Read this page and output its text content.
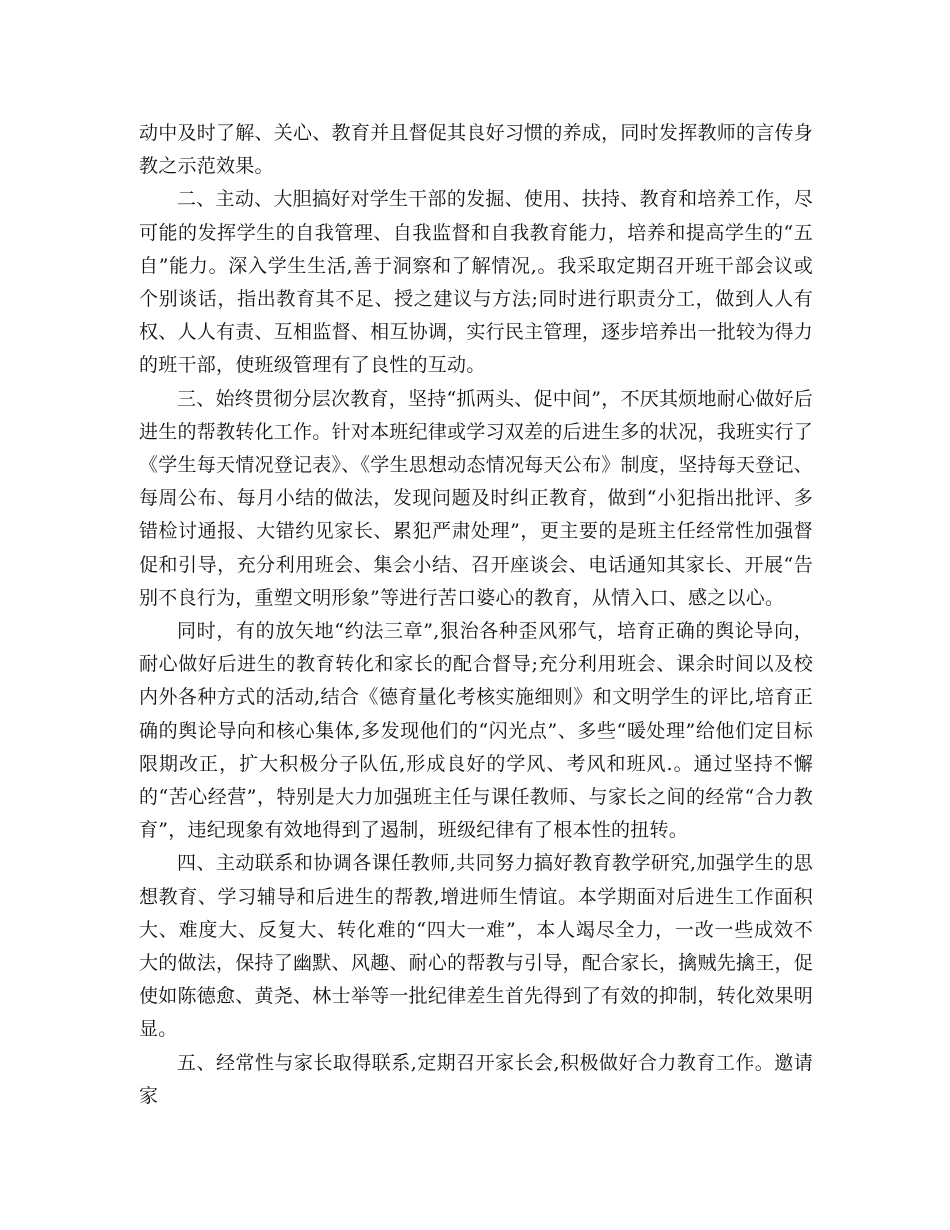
动中及时了解、关心、教育并且督促其良好习惯的养成，同时发挥教师的言传身教之示范效果。

二、主动、大胆搞好对学生干部的发掘、使用、扶持、教育和培养工作，尽可能的发挥学生的自我管理、自我监督和自我教育能力，培养和提高学生的“五自”能力。深入学生生活,善于洞察和了解情况,。我采取定期召开班干部会议或个别谈话，指出教育其不足、授之建议与方法;同时进行职责分工，做到人人有权、人人有责、互相监督、相互协调，实行民主管理，逐步培养出一批较为得力的班干部，使班级管理有了良性的互动。

三、始终贯彻分层次教育，坚持“抓两头、促中间”，不厌其烦地耐心做好后进生的帮教转化工作。针对本班纪律或学习双差的后进生多的状况，我班实行了《学生每天情况登记表》、《学生思想动态情况每天公布》制度，坚持每天登记、每周公布、每月小结的做法，发现问题及时纠正教育，做到“小犯指出批评、多错检讨通报、大错约见家长、累犯严肃处理”，更主要的是班主任经常性加强督促和引导，充分利用班会、集会小结、召开座谈会、电话通知其家长、开展“告别不良行为，重塑文明形象”等进行苦口婆心的教育，从情入口、感之以心。

同时，有的放矢地“约法三章”,狠治各种歪风邪气，培育正确的舆论导向，耐心做好后进生的教育转化和家长的配合督导;充分利用班会、课余时间以及校内外各种方式的活动,结合《德育量化考核实施细则》和文明学生的评比,培育正确的舆论导向和核心集体,多发现他们的“闪光点”、多些“暖处理”给他们定目标限期改正，扩大积极分子队伍,形成良好的学风、考风和班风.。通过坚持不懈的“苦心经营”，特别是大力加强班主任与课任教师、与家长之间的经常“合力教育”，违纪现象有效地得到了遏制，班级纪律有了根本性的扭转。

四、主动联系和协调各课任教师,共同努力搞好教育教学研究,加强学生的思想教育、学习辅导和后进生的帮教,增进师生情谊。本学期面对后进生工作面积大、难度大、反复大、转化难的“四大一难”，本人竭尽全力，一改一些成效不大的做法，保持了幽默、风趣、耐心的帮教与引导，配合家长，擒贼先擒王，促使如陈德愈、黄尧、林士举等一批纪律差生首先得到了有效的抑制，转化效果明显。

五、经常性与家长取得联系,定期召开家长会,积极做好合力教育工作。邀请家
